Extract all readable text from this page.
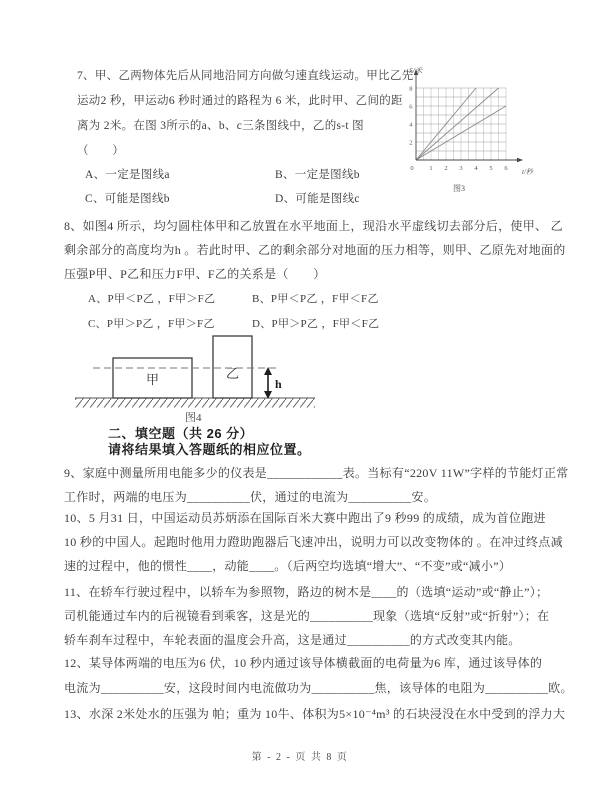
7、甲、乙两物体先后从同地沿同方向做匀速直线运动。甲比乙先
运动2 秒，甲运动6 秒时通过的路程为 6 米，此时甲、乙间的距
离为 2米。在图 3所示的a、b、c三条图线中，乙的s-t 图
（　　）
0 1 2 3 4 5 6
2
4
6
8
S/米
t/秒
图3
A、一定是图线a	B、一定是图线b
C、可能是图线b	D、可能是图线c
8、如图4 所示，均匀圆柱体甲和乙放置在水平地面上，现沿水平虚线切去部分后，使甲、 乙
剩余部分的高度均为h 。若此时甲、乙的剩余部分对地面的压力相等，则甲、乙原先对地面的
压强P甲、P乙和压力F甲、F乙的关系是（　　）
A、P甲＜P乙 ，F甲＞F乙	B、P甲＜P乙 ，F甲＜F乙
C、P甲＞P乙 ，F甲＞F乙	D、P甲＞P乙 ，F甲＜F乙
甲	乙
h
图4
二、填空题（共 26 分）
请将结果填入答题纸的相应位置。
9、家庭中测量所用电能多少的仪表是____________表。当标有“220V 11W”字样的节能灯正常
工作时，两端的电压为__________伏，通过的电流为__________安。
10、5 月31 日，中国运动员苏炳添在国际百米大赛中跑出了9 秒99 的成绩，成为首位跑进
10 秒的中国人。起跑时他用力蹬助跑器后飞速冲出，说明力可以改变物体的 。在冲过终点减
速的过程中，他的惯性____，动能____。（后两空均选填“增大”、“不变”或“减小”）
11、在轿车行驶过程中，以轿车为参照物，路边的树木是____的（选填“运动”或“静止”）；
司机能通过车内的后视镜看到乘客，这是光的__________现象（选填“反射”或“折射”）；在
轿车刹车过程中，车轮表面的温度会升高，这是通过__________的方式改变其内能。
12、某导体两端的电压为6 伏，10 秒内通过该导体横截面的电荷量为6 库，通过该导体的
电流为__________安，这段时间内电流做功为__________焦，该导体的电阻为__________欧。
13、水深 2米处水的压强为 帕；重为 10牛、体积为5×10⁻⁴m³ 的石块浸没在水中受到的浮力大
第 - 2 - 页 共 8 页
